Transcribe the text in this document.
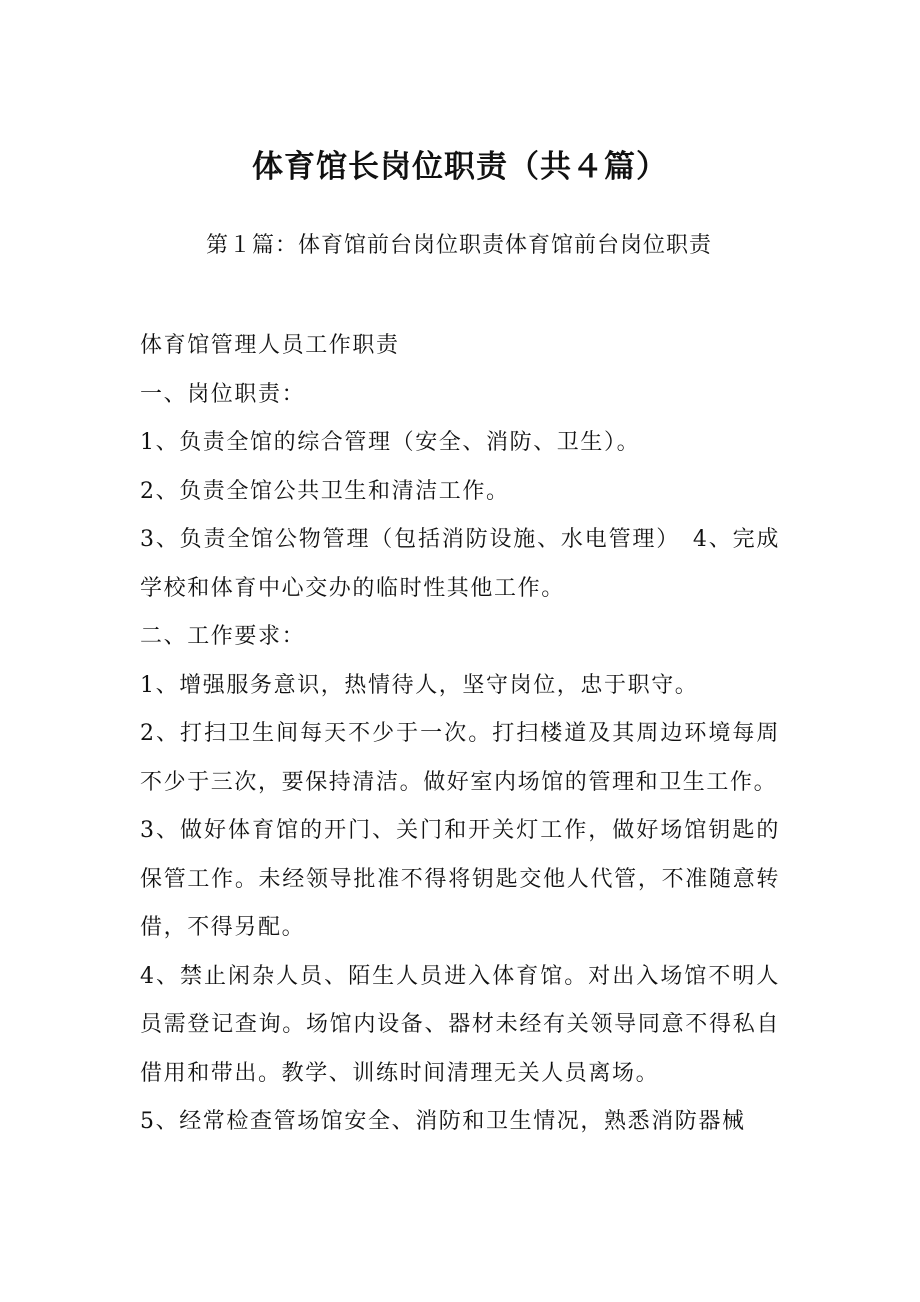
体育馆长岗位职责（共４篇）

第１篇：体育馆前台岗位职责体育馆前台岗位职责

体育馆管理人员工作职责

一、岗位职责：

1、负责全馆的综合管理（安全、消防、卫生）。

2、负责全馆公共卫生和清洁工作。

3、负责全馆公物管理（包括消防设施、水电管理）　4、完成学校和体育中心交办的临时性其他工作。

二、工作要求：

1、增强服务意识，热情待人，坚守岗位，忠于职守。

2、打扫卫生间每天不少于一次。打扫楼道及其周边环境每周不少于三次，要保持清洁。做好室内场馆的管理和卫生工作。

3、做好体育馆的开门、关门和开关灯工作，做好场馆钥匙的保管工作。未经领导批准不得将钥匙交他人代管，不准随意转借，不得另配。

4、禁止闲杂人员、陌生人员进入体育馆。对出入场馆不明人员需登记查询。场馆内设备、器材未经有关领导同意不得私自借用和带出。教学、训练时间清理无关人员离场。

5、经常检查管场馆安全、消防和卫生情况，熟悉消防器械
